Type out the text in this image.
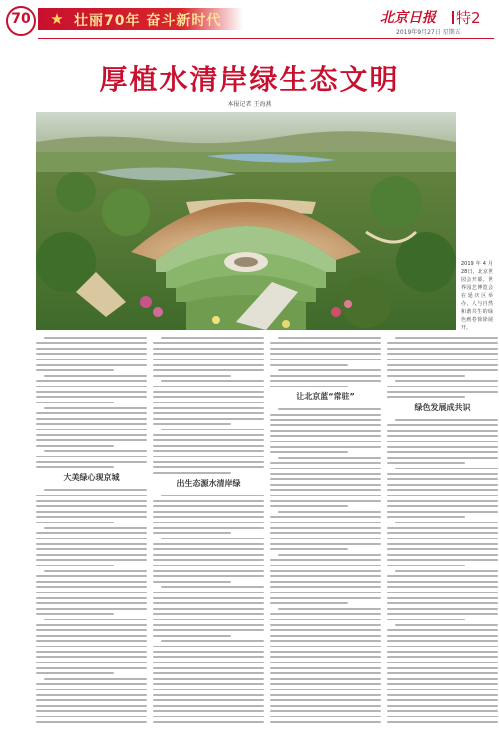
70	★ 壮丽70年 奋斗新时代	北京日报	特2
2019年9月27日 星期五
厚植水清岸绿生态文明
本报记者 王海燕
2019年4月28日，北京世园会开幕。世界园艺博览会在延庆区举办，人与自然和谐共生的绿色画卷徐徐展开。
大美绿心现京城
出生态源水清岸绿
让北京蓝“常驻”
绿色发展成共识
